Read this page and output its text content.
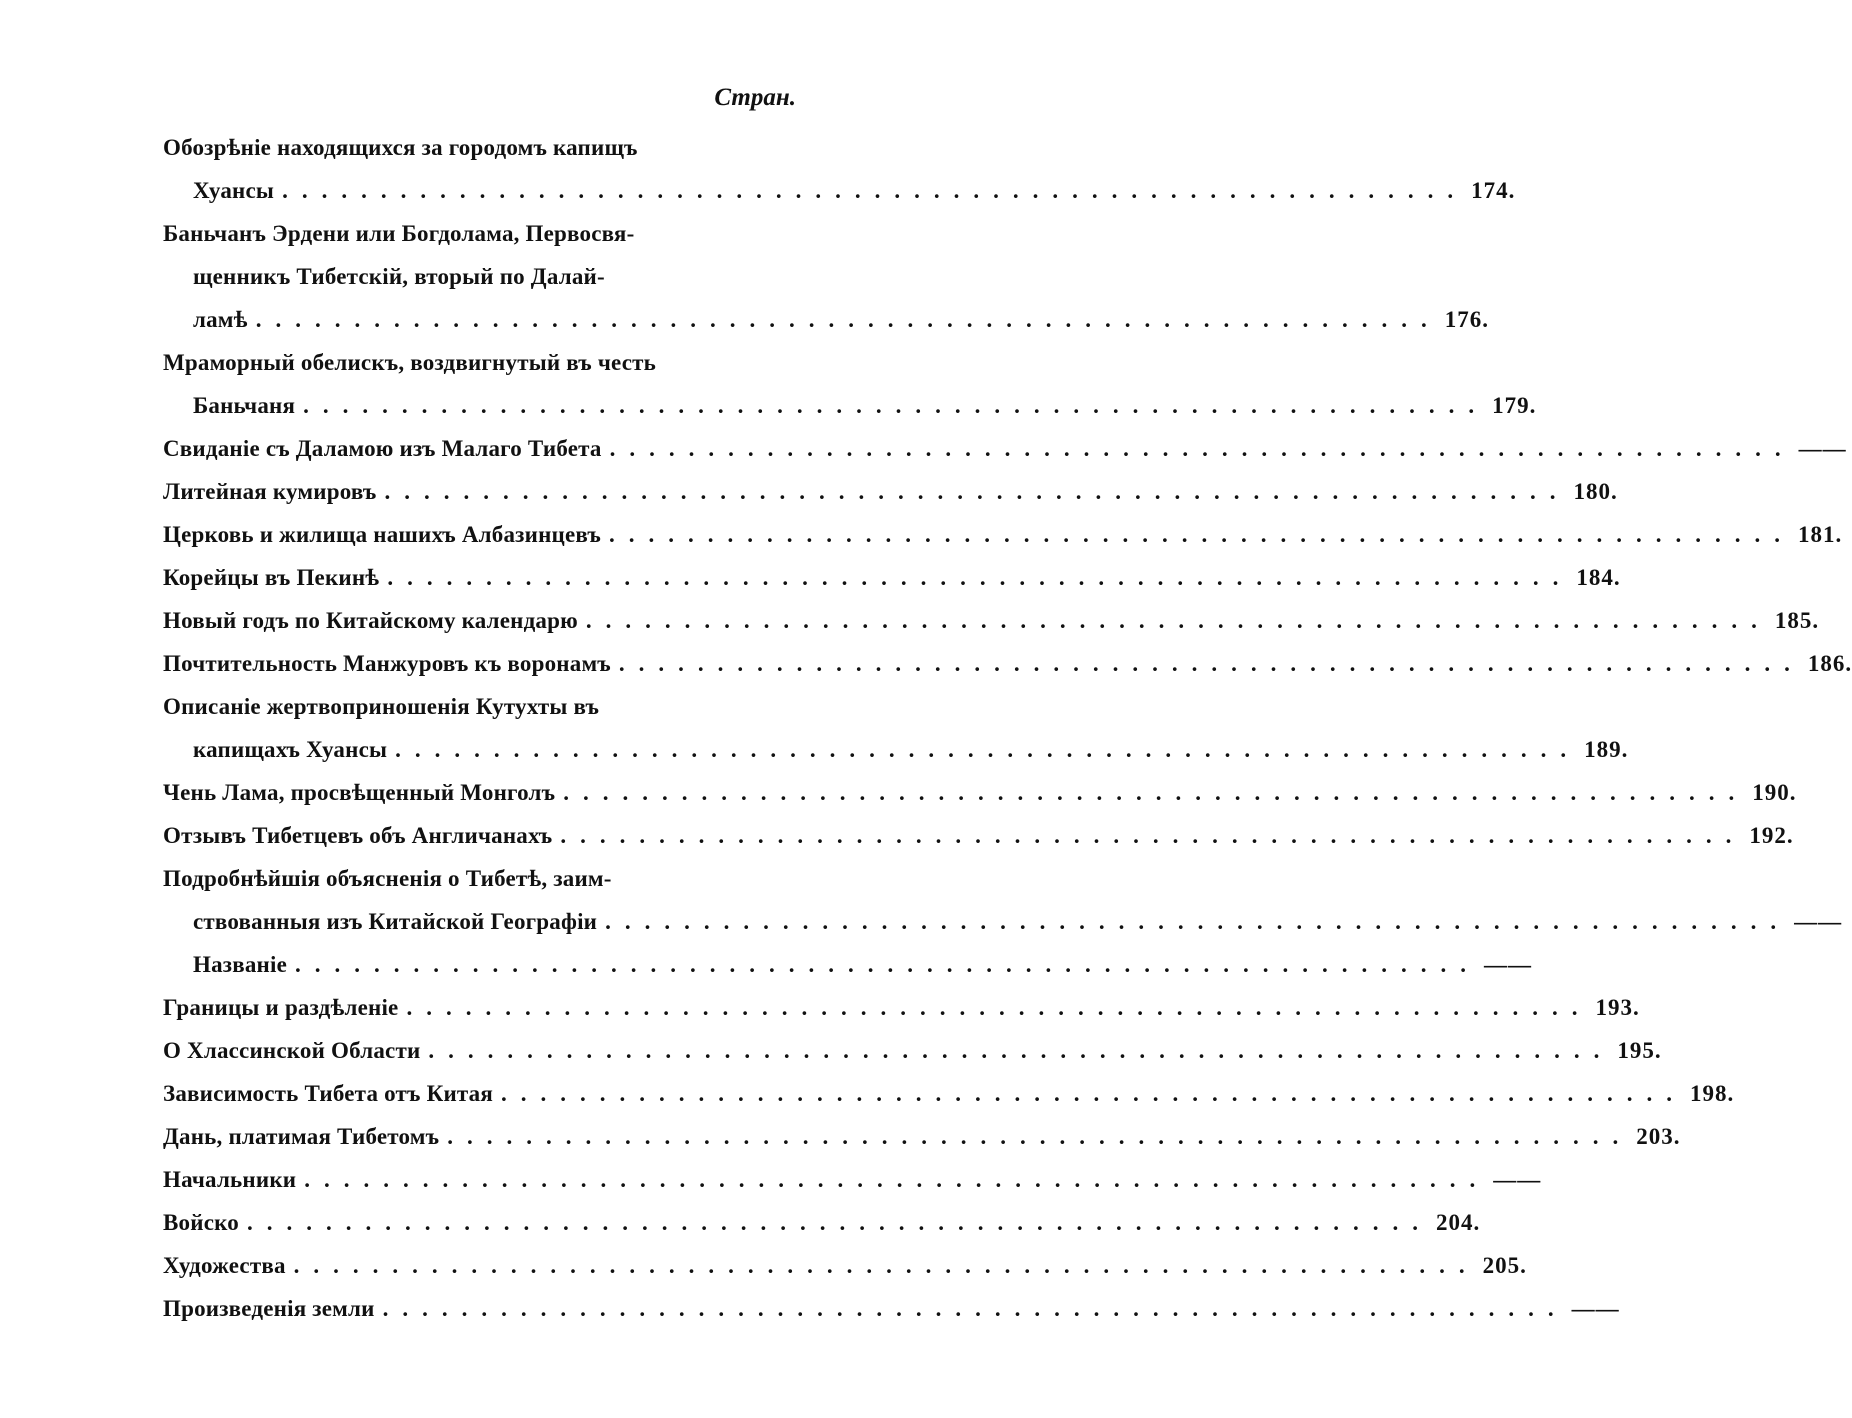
Стран.
Обозрѣніе находящихся за городомъ капищъ
Хуансы ............................................................ 174.
Баньчанъ Эрдени или Богдолама, Первосвя-
щенникъ Тибетскій, вторый по Далай-
ламѣ ............................................................ 176.
Мраморный обелискъ, воздвигнутый въ честь
Баньчаня ............................................................ 179.
Свиданіе съ Даламою изъ Малаго Тибета ............................................................ ——
Литейная кумировъ ............................................................ 180.
Церковь и жилища нашихъ Албазинцевъ ............................................................ 181.
Корейцы въ Пекинѣ ............................................................ 184.
Новый годъ по Китайскому календарю ............................................................ 185.
Почтительность Манжуровъ къ воронамъ ............................................................ 186.
Описаніе жертвоприношенія Кутухты въ
капищахъ Хуансы ............................................................ 189.
Чень Лама, просвѣщенный Монголъ ............................................................ 190.
Отзывъ Тибетцевъ объ Англичанахъ ............................................................ 192.
Подробнѣйшія объясненія о Тибетѣ, заим-
ствованныя изъ Китайской Географіи ............................................................ ——
Названіе ............................................................ ——
Границы и раздѣленіе ............................................................ 193.
О Хлассинской Области ............................................................ 195.
Зависимость Тибета отъ Китая ............................................................ 198.
Дань, платимая Тибетомъ ............................................................ 203.
Начальники ............................................................ ——
Войско ............................................................ 204.
Художества ............................................................ 205.
Произведенія земли ............................................................ ——
